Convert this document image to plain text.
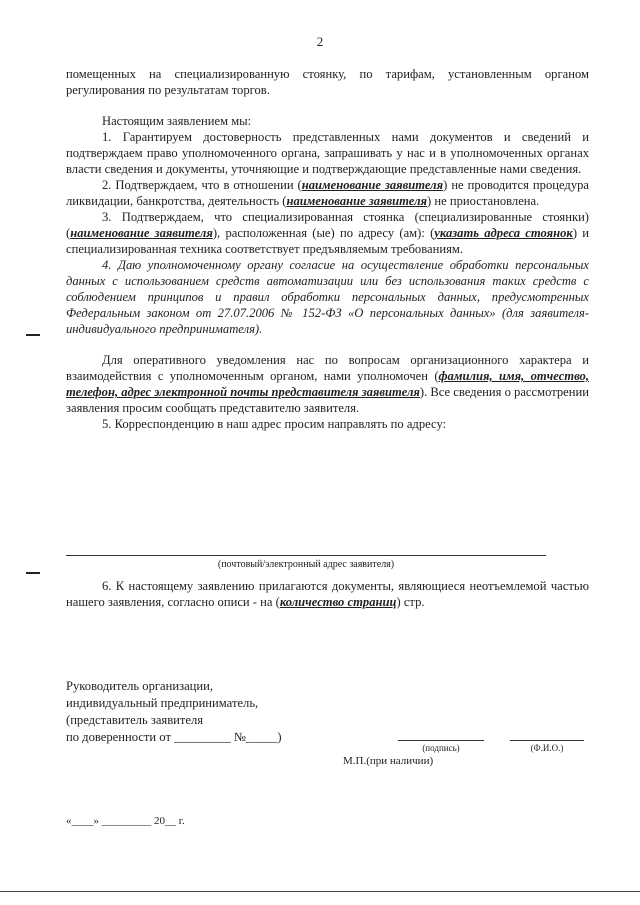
2

помещенных на специализированную стоянку, по тарифам, установленным органом регулирования по результатам торгов.

Настоящим заявлением мы:

1. Гарантируем достоверность представленных нами документов и сведений и подтверждаем право уполномоченного органа, запрашивать у нас и в уполномоченных органах власти сведения и документы, уточняющие и подтверждающие представленные нами сведения.

2. Подтверждаем, что в отношении (наименование заявителя) не проводится процедура ликвидации, банкротства, деятельность (наименование заявителя) не приостановлена.

3. Подтверждаем, что специализированная стоянка (специализированные стоянки) (наименование заявителя), расположенная (ые) по адресу (ам): (указать адреса стоянок) и специализированная техника соответствует предъявляемым требованиям.

4. Даю уполномоченному органу согласие на осуществление обработки персональных данных с использованием средств автоматизации или без использования таких средств с соблюдением принципов и правил обработки персональных данных, предусмотренных Федеральным законом от 27.07.2006 № 152-ФЗ «О персональных данных» (для заявителя-индивидуального предпринимателя).

Для оперативного уведомления нас по вопросам организационного характера и взаимодействия с уполномоченным органом, нами уполномочен (фамилия, имя, отчество, телефон, адрес электронной почты представителя заявителя). Все сведения о рассмотрении заявления просим сообщать представителю заявителя.

5. Корреспонденцию в наш адрес просим направлять по адресу:

(почтовый/электронный адрес заявителя)

6. К настоящему заявлению прилагаются документы, являющиеся неотъемлемой частью нашего заявления, согласно описи - на (количество страниц) стр.

Руководитель организации,
индивидуальный предприниматель,
(представитель заявителя
по доверенности от _________ №_____)
(подпись)	(Ф.И.О.)
М.П.(при наличии)
«____» _________ 20__ г.
